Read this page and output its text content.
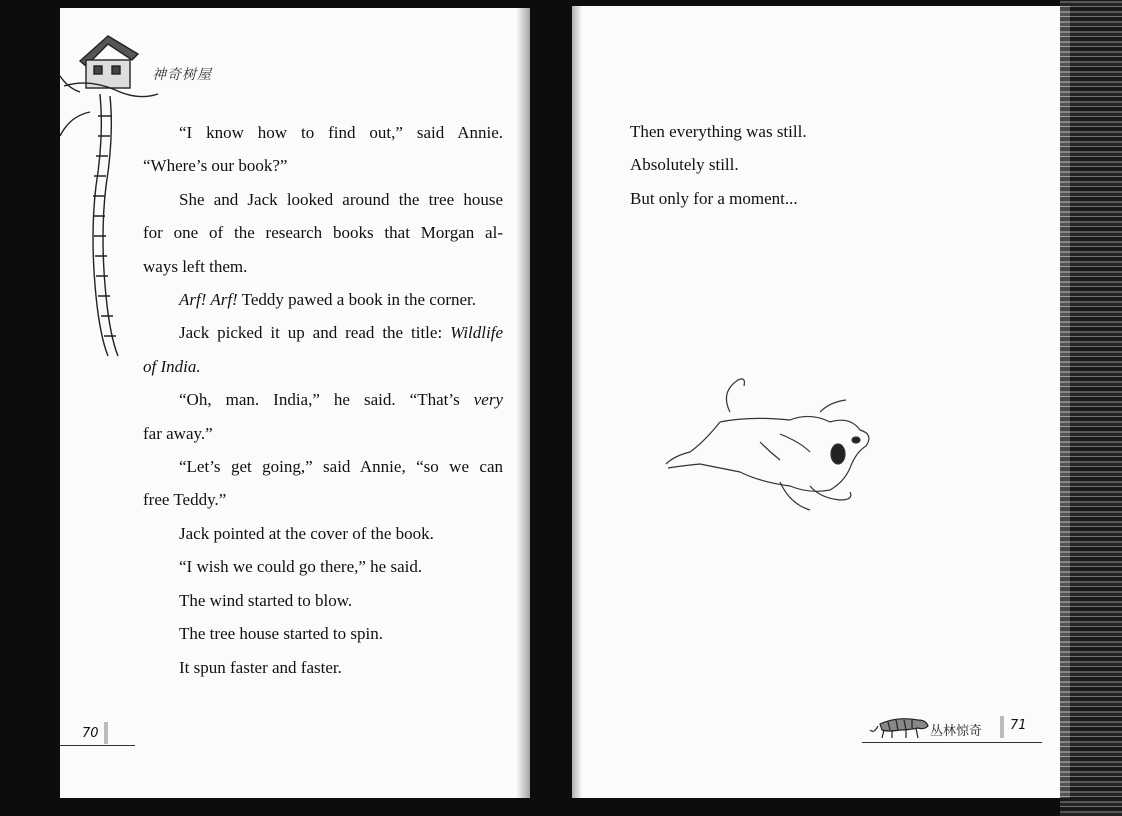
神奇树屋

“I know how to find out,” said Annie.

“Where’s our book?”

She and Jack looked around the tree house

for one of the research books that Morgan al-

ways left them.

Arf! Arf! Teddy pawed a book in the corner.

Jack picked it up and read the title: Wildlife

of India.

“Oh, man. India,” he said. “That’s very

far away.”

“Let’s get going,” said Annie, “so we can

free Teddy.”

Jack pointed at the cover of the book.

“I wish we could go there,” he said.

The wind started to blow.

The tree house started to spin.

It spun faster and faster.

70

Then everything was still.

Absolutely still.

But only for a moment...

丛林惊奇 71
